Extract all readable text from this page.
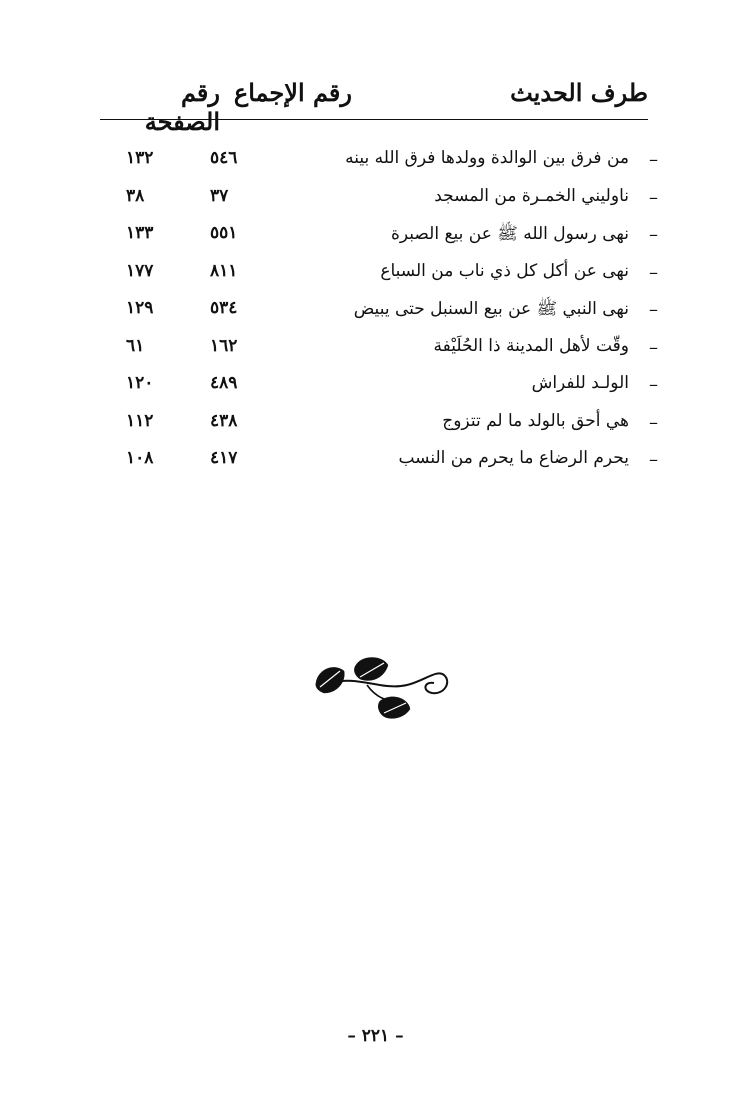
طرف الحديث
رقم الإجماع
رقم الصفحة
–
من فرق بين الوالدة وولدها فرق الله بينه
٥٤٦
١٣٢
–
ناوليني الخمـرة من المسجد
٣٧
٣٨
–
نهى رسول الله ﷺ عن بيع الصبرة
٥٥١
١٣٣
–
نهى عن أكل كل ذي ناب من السباع
٨١١
١٧٧
–
نهى النبي ﷺ عن بيع السنبل حتى يبيض
٥٣٤
١٢٩
–
وقّت لأهل المدينة ذا الحُلَيْفة
١٦٢
٦١
–
الولـد للفراش
٤٨٩
١٢٠
–
هي أحق بالولد ما لم تتزوج
٤٣٨
١١٢
–
يحرم الرضاع ما يحرم من النسب
٤١٧
١٠٨
– ٢٢١ –
